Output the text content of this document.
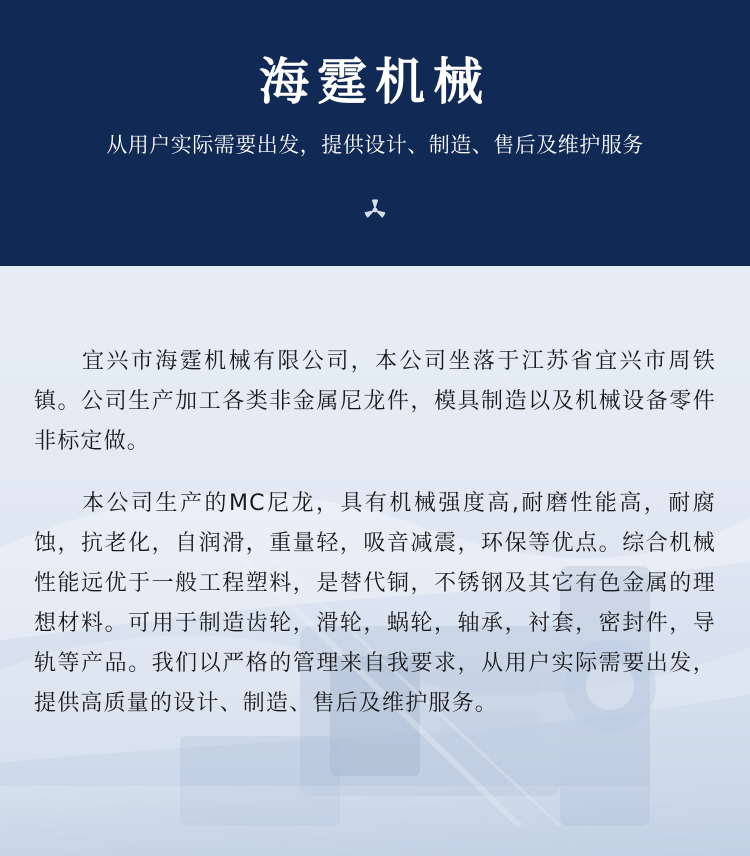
海霆机械
从用户实际需要出发，提供设计、制造、售后及维护服务

宜兴市海霆机械有限公司，本公司坐落于江苏省宜兴市周铁镇。公司生产加工各类非金属尼龙件，模具制造以及机械设备零件非标定做。

本公司生产的MC尼龙，具有机械强度高,耐磨性能高，耐腐蚀，抗老化，自润滑，重量轻，吸音减震，环保等优点。综合机械性能远优于一般工程塑料，是替代铜，不锈钢及其它有色金属的理想材料。可用于制造齿轮，滑轮，蜗轮，轴承，衬套，密封件，导轨等产品。我们以严格的管理来自我要求，从用户实际需要出发，提供高质量的设计、制造、售后及维护服务。
